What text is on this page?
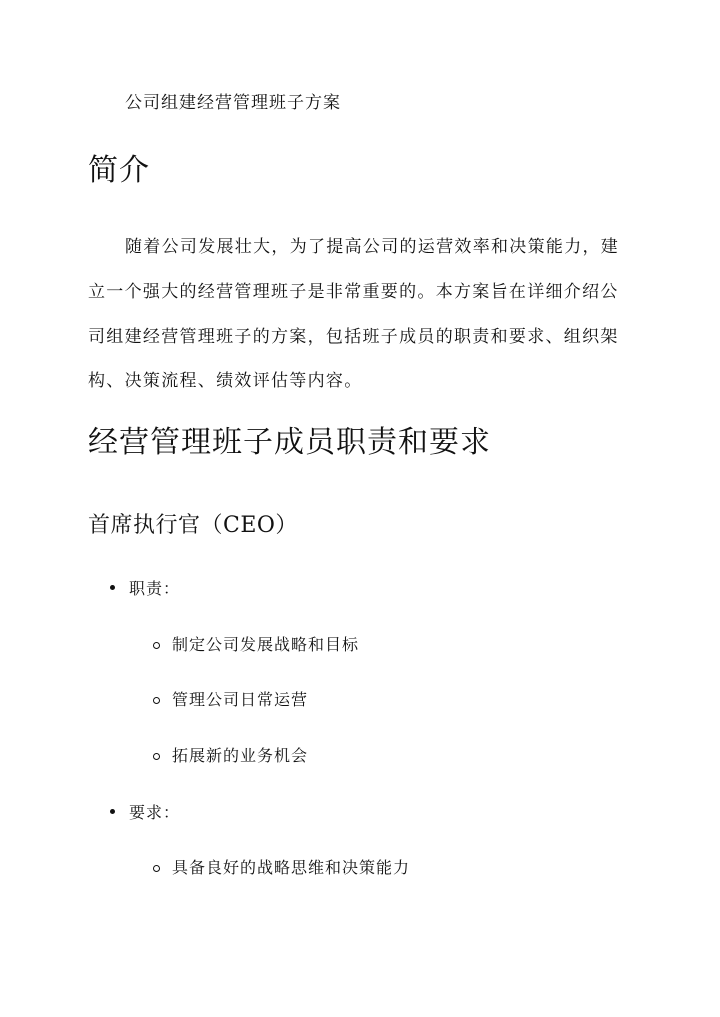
公司组建经营管理班子方案
简介
随着公司发展壮大，为了提高公司的运营效率和决策能力，建
立一个强大的经营管理班子是非常重要的。本方案旨在详细介绍公
司组建经营管理班子的方案，包括班子成员的职责和要求、组织架
构、决策流程、绩效评估等内容。
经营管理班子成员职责和要求
首席执行官（CEO）
职责：
制定公司发展战略和目标
管理公司日常运营
拓展新的业务机会
要求：
具备良好的战略思维和决策能力
